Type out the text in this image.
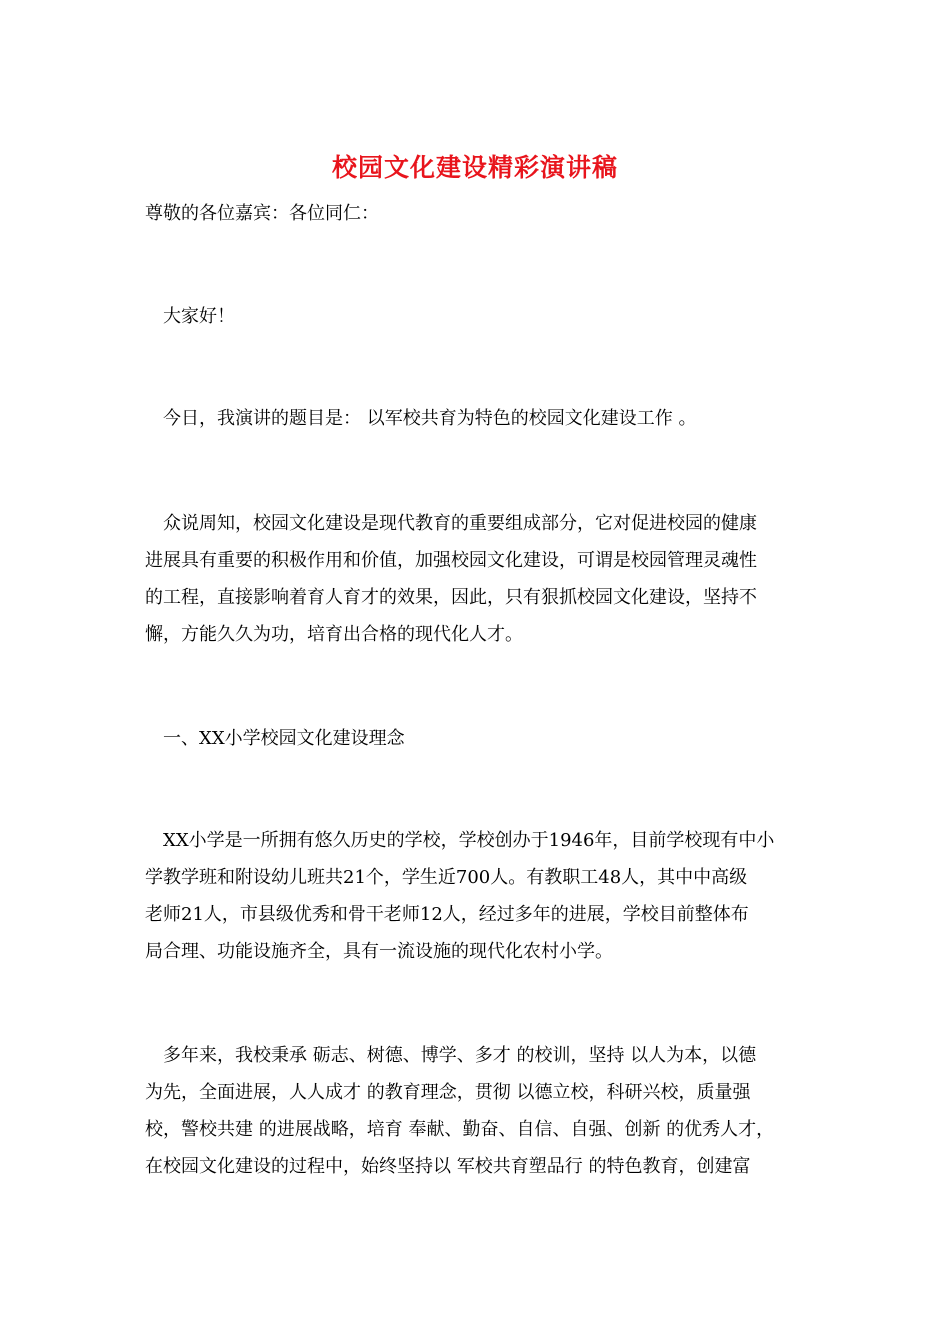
校园文化建设精彩演讲稿
尊敬的各位嘉宾：各位同仁：
大家好！
今日，我演讲的题目是： 以军校共育为特色的校园文化建设工作 。
众说周知，校园文化建设是现代教育的重要组成部分，它对促进校园的健康
进展具有重要的积极作用和价值，加强校园文化建设，可谓是校园管理灵魂性
的工程，直接影响着育人育才的效果，因此，只有狠抓校园文化建设，坚持不
懈，方能久久为功，培育出合格的现代化人才。
一、XX小学校园文化建设理念
XX小学是一所拥有悠久历史的学校，学校创办于1946年，目前学校现有中小
学教学班和附设幼儿班共21个，学生近700人。有教职工48人，其中中高级
老师21人，市县级优秀和骨干老师12人，经过多年的进展，学校目前整体布
局合理、功能设施齐全，具有一流设施的现代化农村小学。
多年来，我校秉承 砺志、树德、博学、多才 的校训，坚持 以人为本，以德
为先，全面进展，人人成才 的教育理念，贯彻 以德立校，科研兴校，质量强
校，警校共建 的进展战略，培育 奉献、勤奋、自信、自强、创新 的优秀人才，
在校园文化建设的过程中，始终坚持以 军校共育塑品行 的特色教育，创建富
